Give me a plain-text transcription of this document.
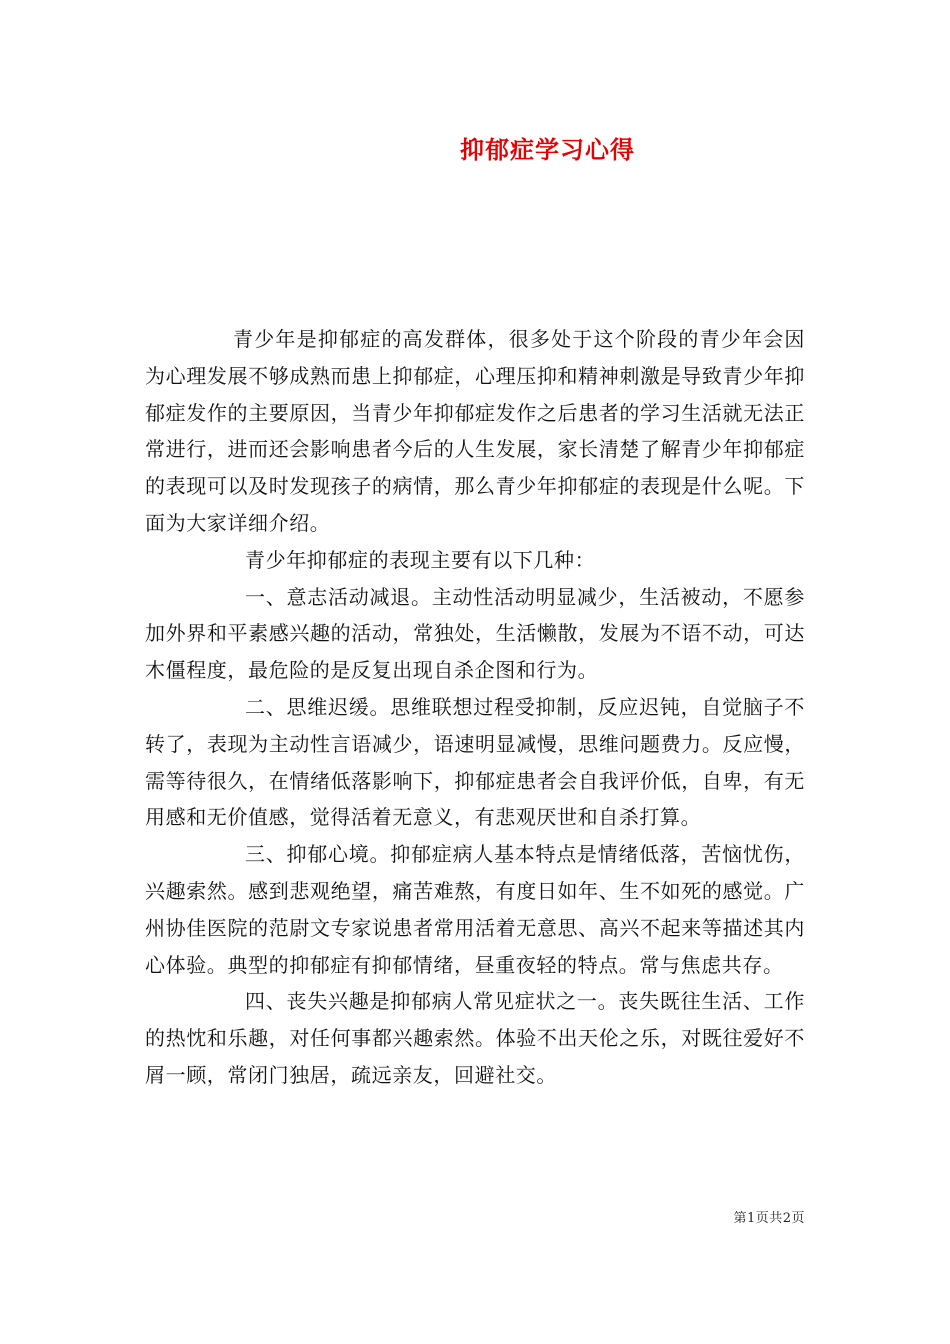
抑郁症学习心得

青少年是抑郁症的高发群体，很多处于这个阶段的青少年会因为心理发展不够成熟而患上抑郁症，心理压抑和精神刺激是导致青少年抑郁症发作的主要原因，当青少年抑郁症发作之后患者的学习生活就无法正常进行，进而还会影响患者今后的人生发展，家长清楚了解青少年抑郁症的表现可以及时发现孩子的病情，那么青少年抑郁症的表现是什么呢。下面为大家详细介绍。

青少年抑郁症的表现主要有以下几种：

一、意志活动减退。主动性活动明显减少，生活被动，不愿参加外界和平素感兴趣的活动，常独处，生活懒散，发展为不语不动，可达木僵程度，最危险的是反复出现自杀企图和行为。

二、思维迟缓。思维联想过程受抑制，反应迟钝，自觉脑子不转了，表现为主动性言语减少，语速明显减慢，思维问题费力。反应慢，需等待很久，在情绪低落影响下，抑郁症患者会自我评价低，自卑，有无用感和无价值感，觉得活着无意义，有悲观厌世和自杀打算。

三、抑郁心境。抑郁症病人基本特点是情绪低落，苦恼忧伤，兴趣索然。感到悲观绝望，痛苦难熬，有度日如年、生不如死的感觉。广州协佳医院的范尉文专家说患者常用活着无意思、高兴不起来等描述其内心体验。典型的抑郁症有抑郁情绪，昼重夜轻的特点。常与焦虑共存。

四、丧失兴趣是抑郁病人常见症状之一。丧失既往生活、工作的热忱和乐趣，对任何事都兴趣索然。体验不出天伦之乐，对既往爱好不屑一顾，常闭门独居，疏远亲友，回避社交。

第1页共2页
